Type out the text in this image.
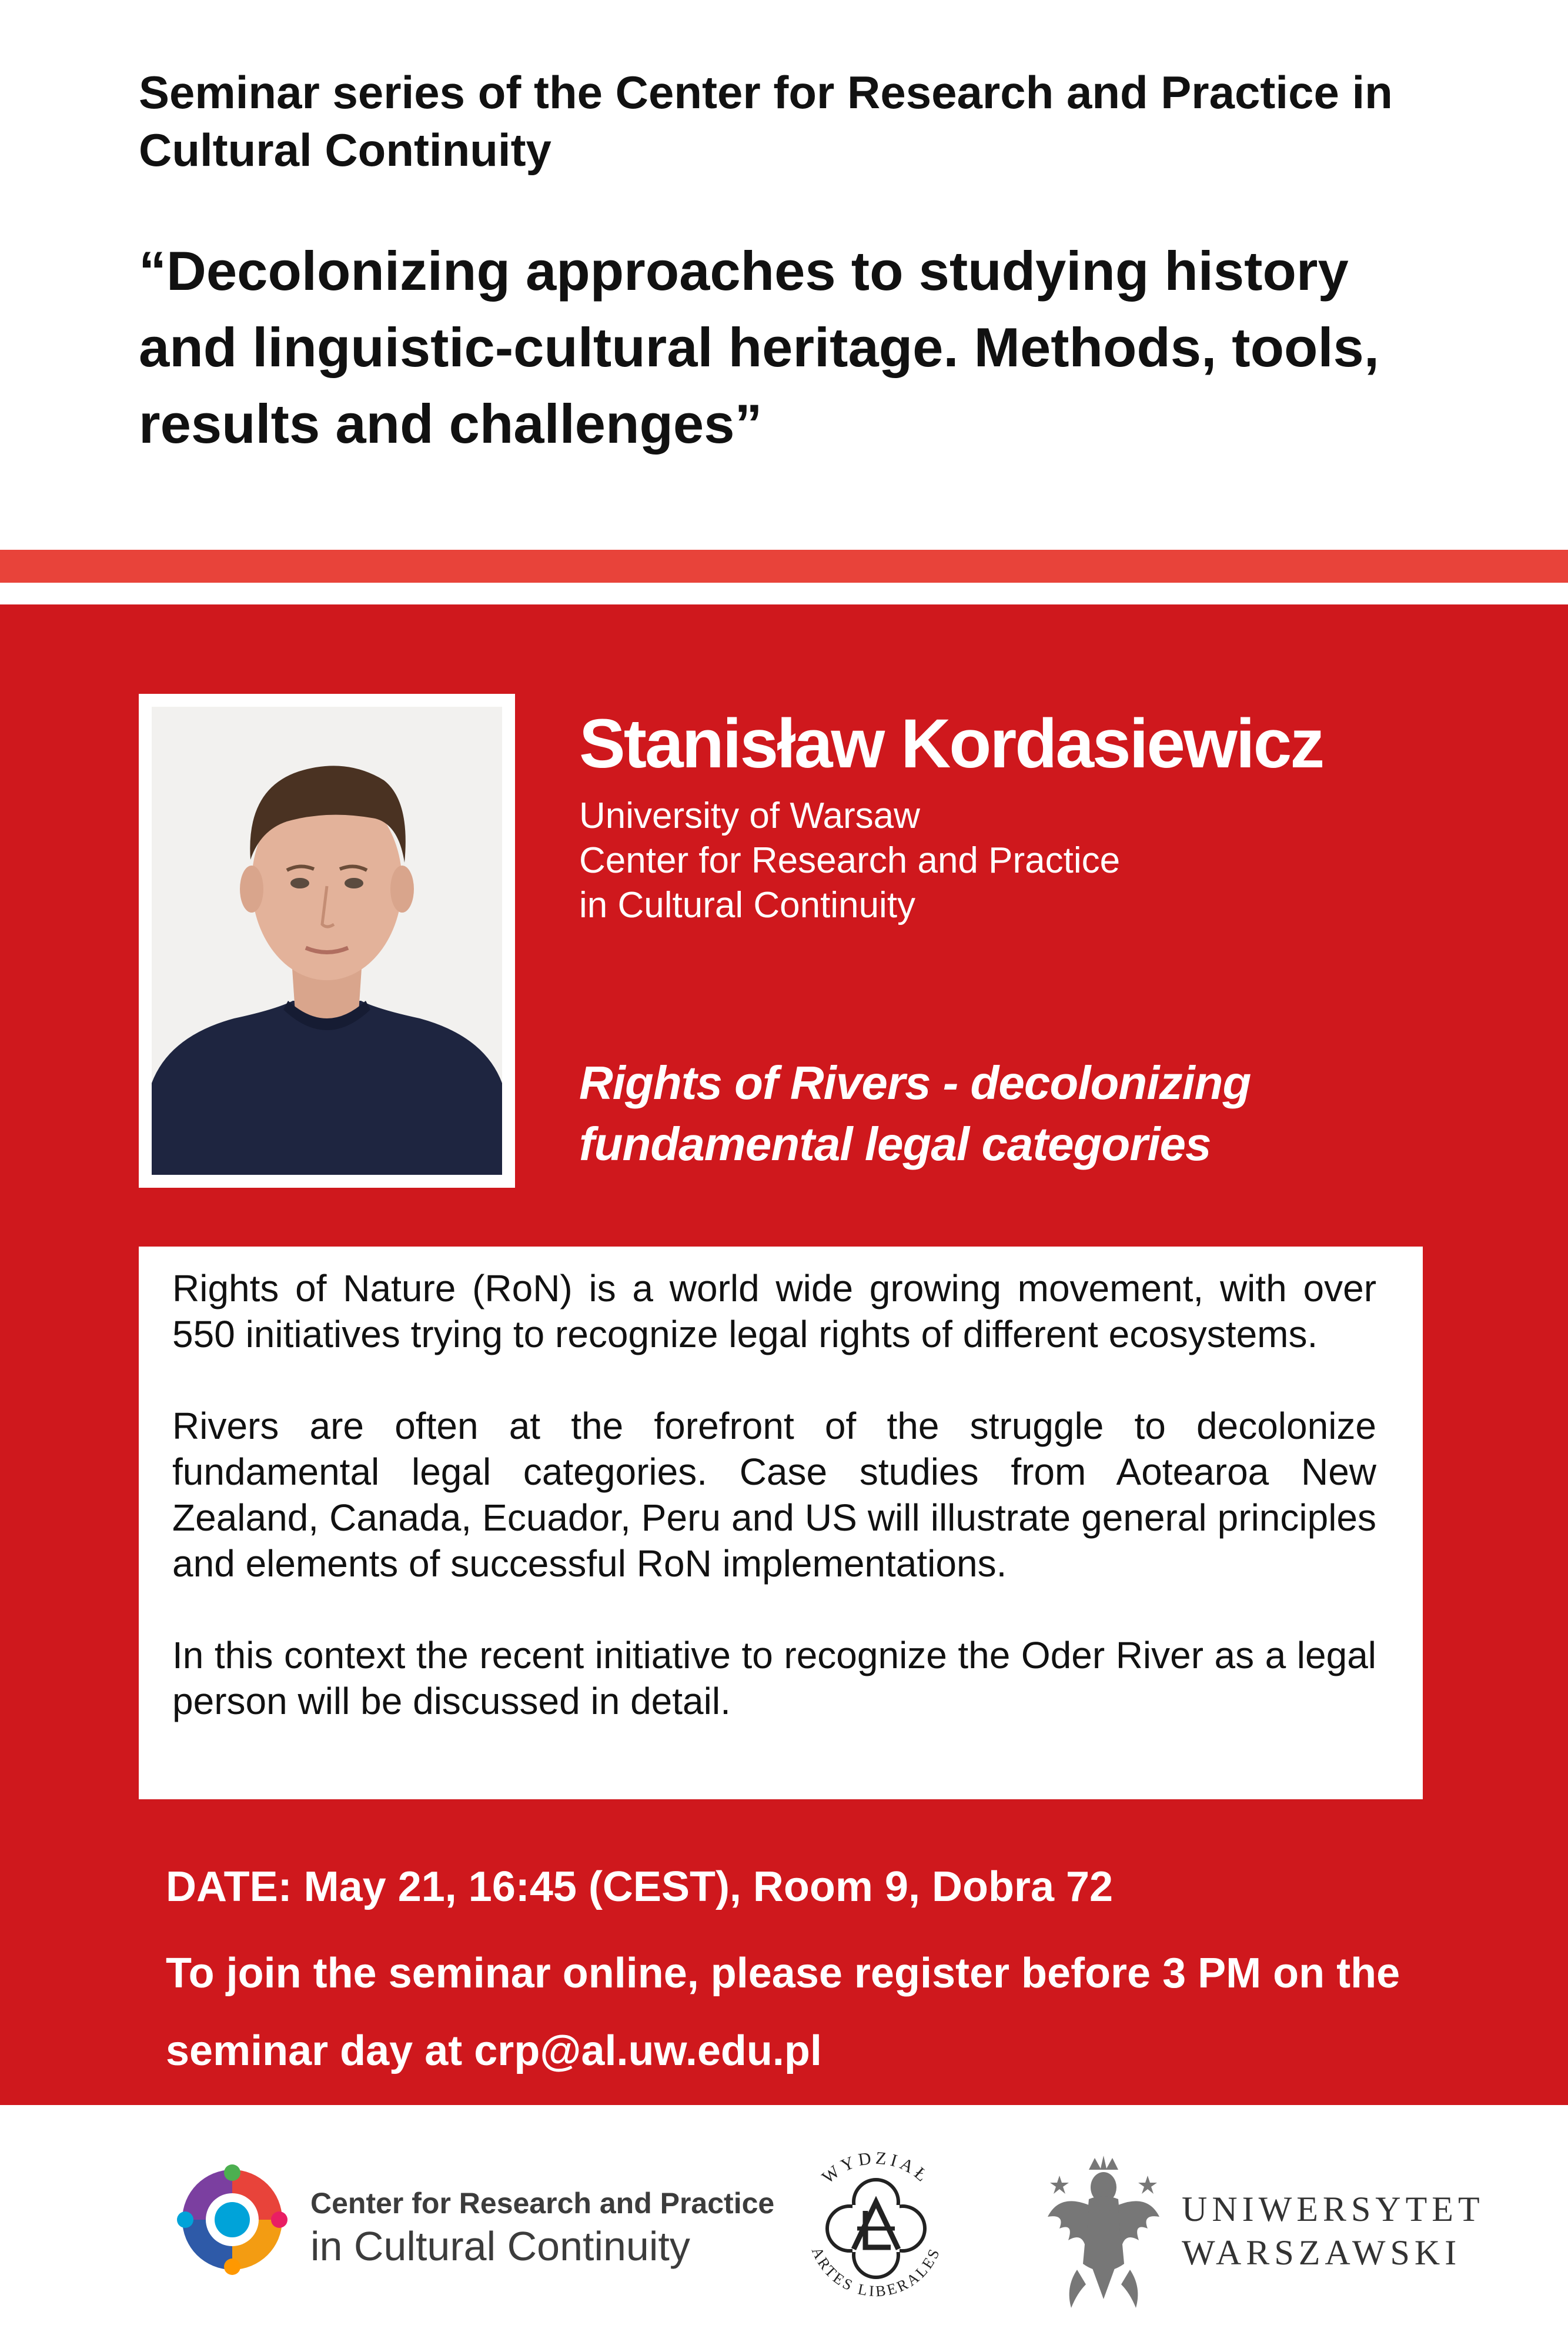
Seminar series of the Center for Research and Practice in Cultural Continuity
“Decolonizing approaches to studying history and linguistic-cultural heritage. Methods, tools, results and challenges”
Stanisław Kordasiewicz
University of Warsaw
Center for Research and Practice
in Cultural Continuity
Rights of Rivers - decolonizing fundamental legal categories

Rights of Nature (RoN) is a world wide growing movement, with over 550 initiatives trying to recognize legal rights of different ecosystems.

Rivers are often at the forefront of the struggle to decolonize fundamental legal categories. Case studies from Aotearoa New Zealand, Canada, Ecuador, Peru and US will illustrate general principles and elements of successful RoN implementations.

In this context the recent initiative to recognize the Oder River as a legal person will be discussed in detail.

DATE: May 21, 16:45 (CEST), Room 9, Dobra 72
To join the seminar online, please register before 3 PM on the seminar day at crp@al.uw.edu.pl
Center for Research and Practice
in Cultural Continuity
WYDZIAŁ
ARTES LIBERALES
UNIWERSYTET
WARSZAWSKI
